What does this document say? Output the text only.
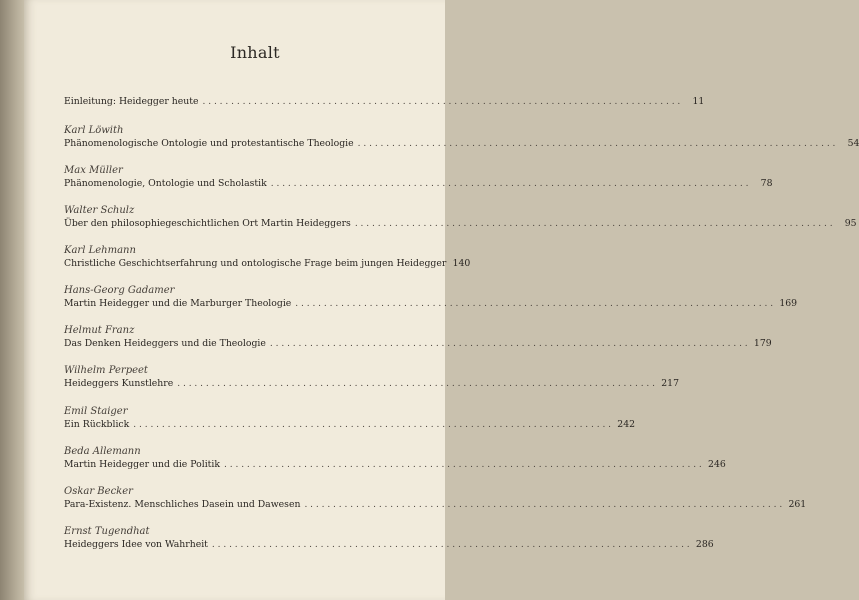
Inhalt
Einleitung: Heidegger heute . . .	11
Karl Löwith
Phänomenologische Ontologie und protestantische Theologie . . .	54
Max Müller
Phänomenologie, Ontologie und Scholastik . . .	78
Walter Schulz
Über den philosophiegeschichtlichen Ort Martin Heideggers . . .	95
Karl Lehmann
Christliche Geschichtserfahrung und ontologische Frage beim jungen Heidegger 140
Hans-Georg Gadamer
Martin Heidegger und die Marburger Theologie . . .	169
Helmut Franz
Das Denken Heideggers und die Theologie . . .	179
Wilhelm Perpeet
Heideggers Kunstlehre . . .	217
Emil Staiger
Ein Rückblick . . .	242
Beda Allemann
Martin Heidegger und die Politik . . .	246
Oskar Becker
Para-Existenz. Menschliches Dasein und Dawesen . . .	261
Ernst Tugendhat
Heideggers Idee von Wahrheit . . .	286
